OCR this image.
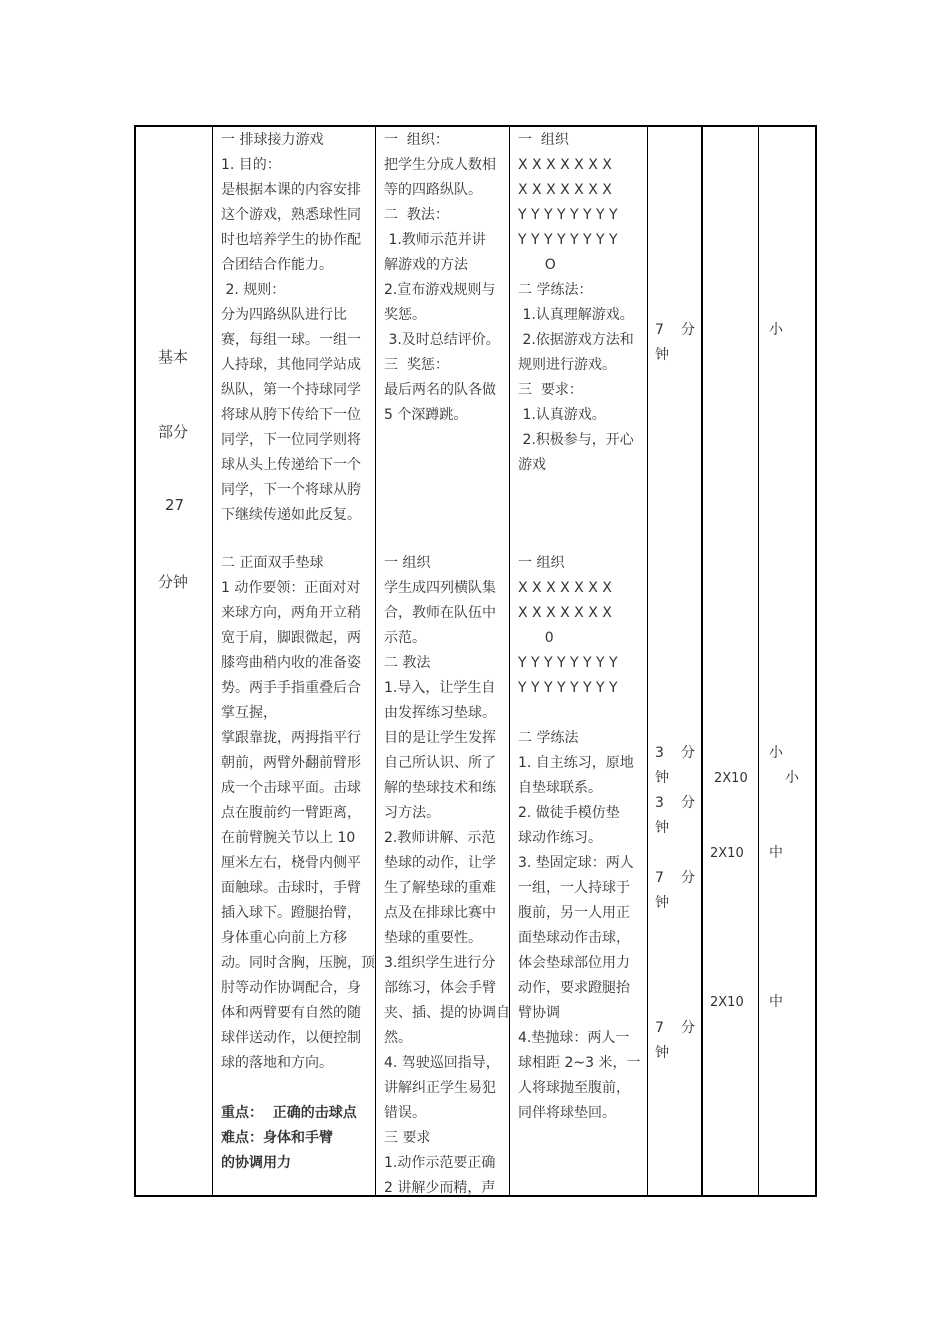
基本
部分
27
分钟
一 排球接力游戏
1. 目的：
是根据本课的内容安排
这个游戏，熟悉球性同
时也培养学生的协作配
合团结合作能力。
2. 规则：
分为四路纵队进行比
赛，每组一球。一组一
人持球，其他同学站成
纵队，第一个持球同学
将球从胯下传给下一位
同学，下一位同学则将
球从头上传递给下一个
同学，下一个将球从胯
下继续传递如此反复。
一  组织：
把学生分成人数相
等的四路纵队。
二  教法：
1.教师示范并讲
解游戏的方法
2.宣布游戏规则与
奖惩。
3.及时总结评价。
三  奖惩：
最后两名的队各做
5 个深蹲跳。
一  组织
X X X X X X X
X X X X X X X
Y Y Y Y Y Y Y Y
Y Y Y Y Y Y Y Y
O
二 学练法：
1.认真理解游戏。
2.依据游戏方法和
规则进行游戏。
三  要求：
1.认真游戏。
2.积极参与，开心
游戏
7 分
钟
小
二 正面双手垫球
1 动作要领：正面对对
来球方向，两角开立稍
宽于肩，脚跟微起，两
膝弯曲稍内收的准备姿
势。两手手指重叠后合
掌互握，
掌跟靠拢，两拇指平行
朝前，两臂外翻前臂形
成一个击球平面。击球
点在腹前约一臂距离，
在前臂腕关节以上 10
厘米左右，桡骨内侧平
面触球。击球时，手臂
插入球下。蹬腿抬臂，
身体重心向前上方移
动。同时含胸，压腕，顶
肘等动作协调配合，身
体和两臂要有自然的随
球伴送动作，以便控制
球的落地和方向。
重点：  正确的击球点
难点：身体和手臂
的协调用力
一 组织
学生成四列横队集
合，教师在队伍中
示范。
二 教法
1.导入，让学生自
由发挥练习垫球。
目的是让学生发挥
自己所认识、所了
解的垫球技术和练
习方法。
2.教师讲解、示范
垫球的动作，让学
生了解垫球的重难
点及在排球比赛中
垫球的重要性。
3.组织学生进行分
部练习，体会手臂
夹、插、提的协调自
然。
4. 驾驶巡回指导，
讲解纠正学生易犯
错误。
三 要求
1.动作示范要正确
2 讲解少而精，声
一 组织
X X X X X X X
X X X X X X X
0
Y Y Y Y Y Y Y Y
Y Y Y Y Y Y Y Y
二 学练法
1. 自主练习，原地
自垫球联系。
2. 做徒手模仿垫
球动作练习。
3. 垫固定球：两人
一组，一人持球于
腹前，另一人用正
面垫球动作击球，
体会垫球部位用力
动作，要求蹬腿抬
臂协调
4.垫抛球：两人一
球相距 2~3 米，一
人将球抛至腹前，
同伴将球垫回。
3 分
钟
3 分
钟
7 分
钟
7 分
钟
2X10
2X10
2X10
小
小
中
中
